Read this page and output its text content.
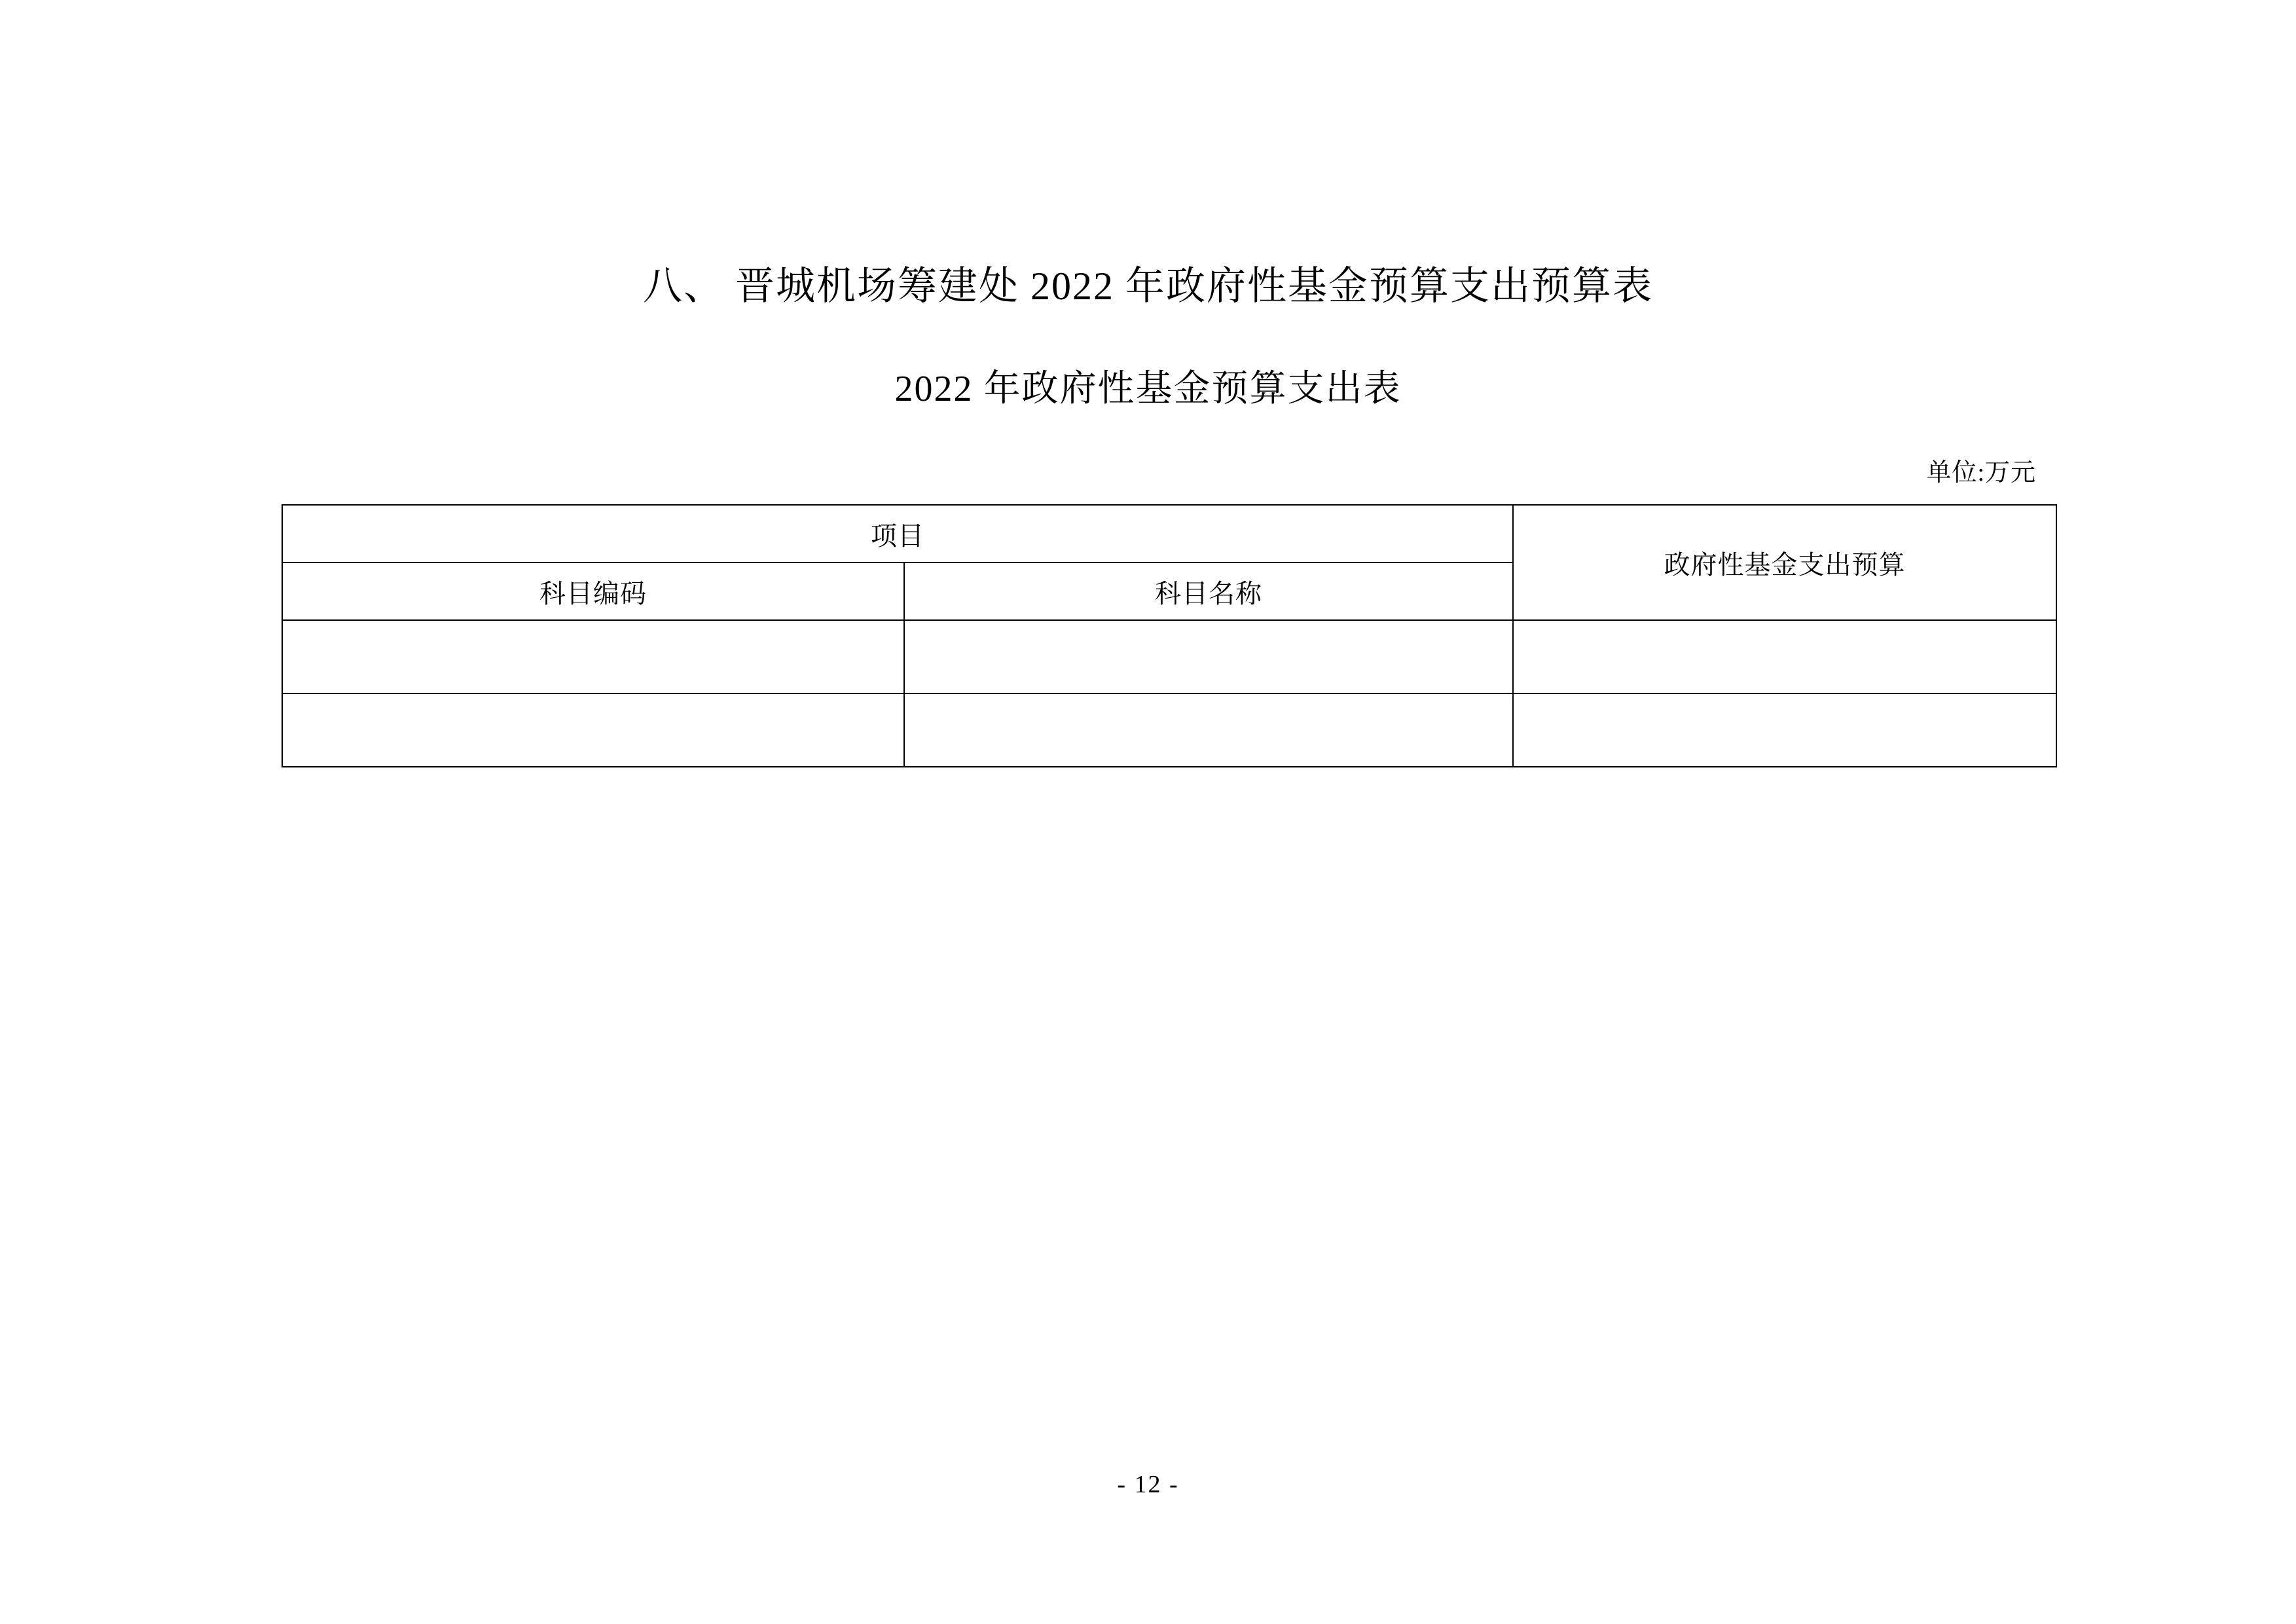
八、 晋城机场筹建处 2022 年政府性基金预算支出预算表
2022 年政府性基金预算支出表
单位:万元
项目		政府性基金支出预算
科目编码	科目名称	

- 12 -
